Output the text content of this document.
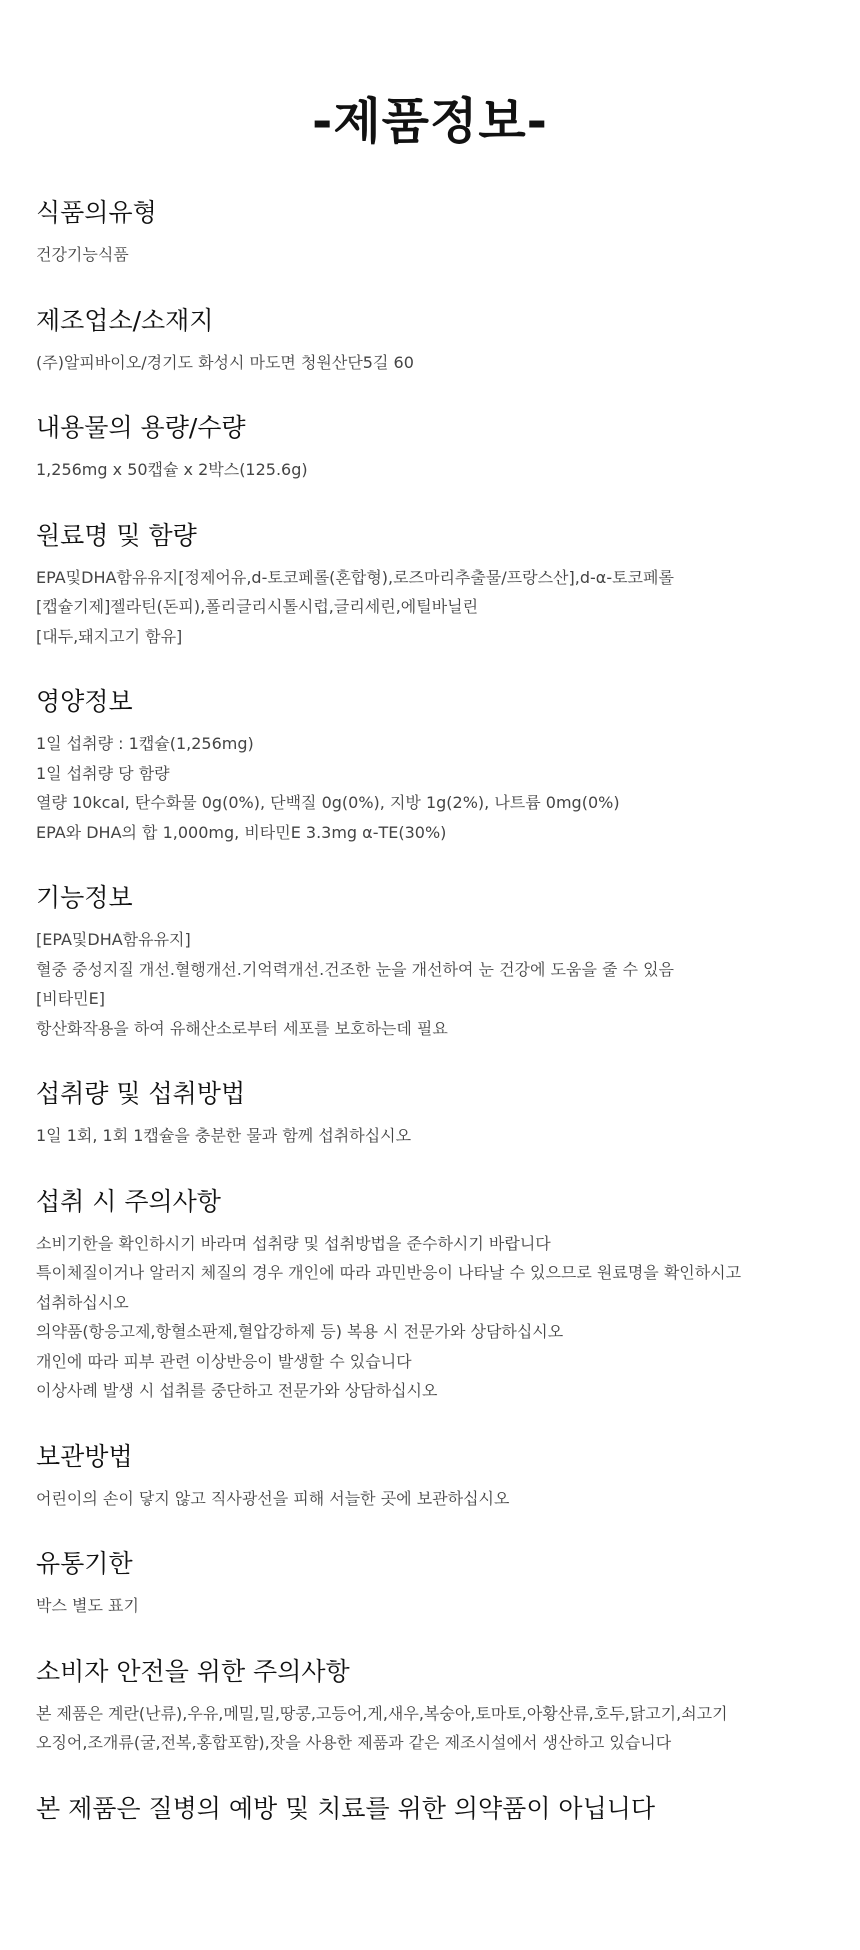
-제품정보-
식품의유형
건강기능식품
제조업소/소재지
(주)알피바이오/경기도 화성시 마도면 청원산단5길 60
내용물의 용량/수량
1,256mg x 50캡슐 x 2박스(125.6g)
원료명 및 함량
EPA및DHA함유유지[정제어유,d-토코페롤(혼합형),로즈마리추출물/프랑스산],d-α-토코페롤
[캡슐기제]젤라틴(돈피),폴리글리시톨시럽,글리세린,에틸바닐린
[대두,돼지고기 함유]
영양정보
1일 섭취량 : 1캡슐(1,256mg)
1일 섭취량 당 함량
열량 10kcal, 탄수화물 0g(0%), 단백질 0g(0%), 지방 1g(2%), 나트륨 0mg(0%)
EPA와 DHA의 합 1,000mg, 비타민E 3.3mg α-TE(30%)
기능정보
[EPA및DHA함유유지]
혈중 중성지질 개선.혈행개선.기억력개선.건조한 눈을 개선하여 눈 건강에 도움을 줄 수 있음
[비타민E]
항산화작용을 하여 유해산소로부터 세포를 보호하는데 필요
섭취량 및 섭취방법
1일 1회, 1회 1캡슐을 충분한 물과 함께 섭취하십시오
섭취 시 주의사항
소비기한을 확인하시기 바라며 섭취량 및 섭취방법을 준수하시기 바랍니다
특이체질이거나 알러지 체질의 경우 개인에 따라 과민반응이 나타날 수 있으므로 원료명을 확인하시고
섭취하십시오
의약품(항응고제,항혈소판제,혈압강하제 등) 복용 시 전문가와 상담하십시오
개인에 따라 피부 관련 이상반응이 발생할 수 있습니다
이상사례 발생 시 섭취를 중단하고 전문가와 상담하십시오
보관방법
어린이의 손이 닿지 않고 직사광선을 피해 서늘한 곳에 보관하십시오
유통기한
박스 별도 표기
소비자 안전을 위한 주의사항
본 제품은 계란(난류),우유,메밀,밀,땅콩,고등어,게,새우,복숭아,토마토,아황산류,호두,닭고기,쇠고기
오징어,조개류(굴,전복,홍합포함),잣을 사용한 제품과 같은 제조시설에서 생산하고 있습니다
본 제품은 질병의 예방 및 치료를 위한 의약품이 아닙니다
